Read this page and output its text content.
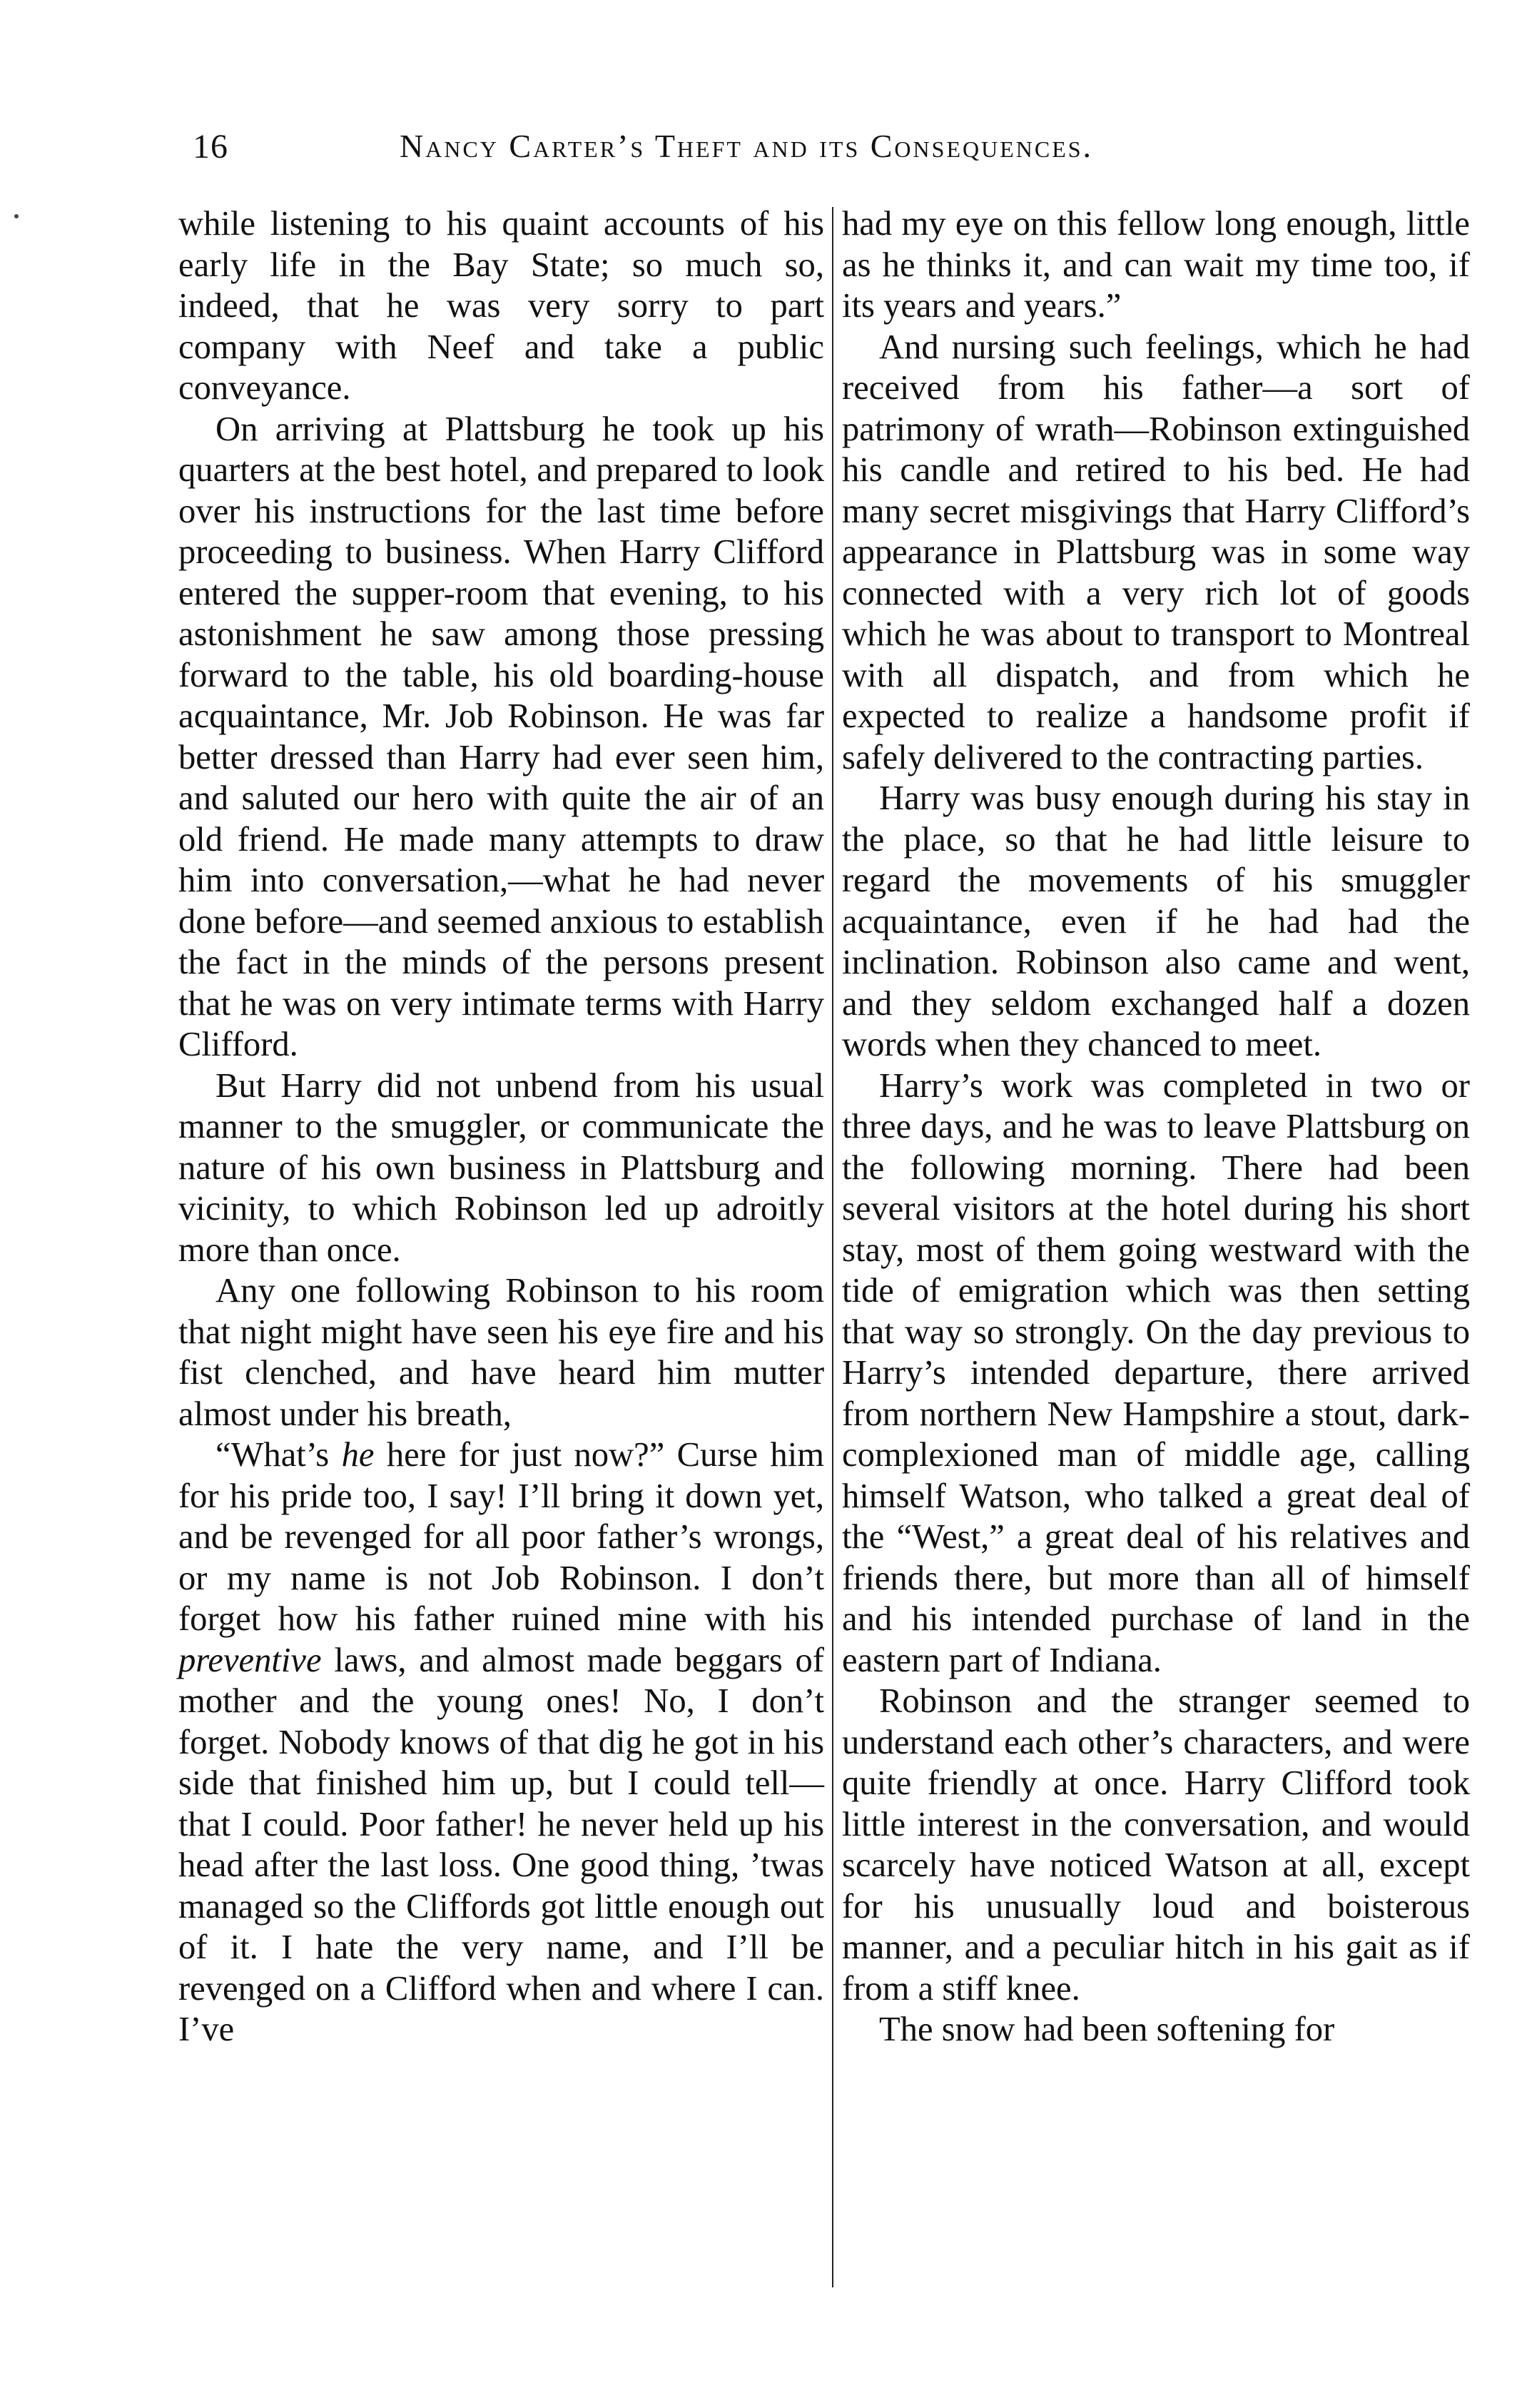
16	Nancy Carter’s Theft and its Consequences.

while listening to his quaint accounts of his early life in the Bay State; so much so, indeed, that he was very sorry to part company with Neef and take a public conveyance.

On arriving at Plattsburg he took up his quarters at the best hotel, and prepared to look over his instructions for the last time before proceeding to business. When Harry Clifford entered the supper-room that evening, to his astonishment he saw among those pressing forward to the table, his old boarding-house acquaintance, Mr. Job Robinson. He was far better dressed than Harry had ever seen him, and saluted our hero with quite the air of an old friend. He made many attempts to draw him into conversation,—what he had never done before—and seemed anxious to establish the fact in the minds of the persons present that he was on very intimate terms with Harry Clifford.

But Harry did not unbend from his usual manner to the smuggler, or communicate the nature of his own business in Plattsburg and vicinity, to which Robinson led up adroitly more than once.

Any one following Robinson to his room that night might have seen his eye fire and his fist clenched, and have heard him mutter almost under his breath,

“What’s he here for just now?” Curse him for his pride too, I say! I’ll bring it down yet, and be revenged for all poor father’s wrongs, or my name is not Job Robinson. I don’t forget how his father ruined mine with his preventive laws, and almost made beggars of mother and the young ones! No, I don’t forget. Nobody knows of that dig he got in his side that finished him up, but I could tell—that I could. Poor father! he never held up his head after the last loss. One good thing, ’twas managed so the Cliffords got little enough out of it. I hate the very name, and I’ll be revenged on a Clifford when and where I can. I’ve

had my eye on this fellow long enough, little as he thinks it, and can wait my time too, if its years and years.”

And nursing such feelings, which he had received from his father—a sort of patrimony of wrath—Robinson extinguished his candle and retired to his bed. He had many secret misgivings that Harry Clifford’s appearance in Plattsburg was in some way connected with a very rich lot of goods which he was about to transport to Montreal with all dispatch, and from which he expected to realize a handsome profit if safely delivered to the contracting parties.

Harry was busy enough during his stay in the place, so that he had little leisure to regard the movements of his smuggler acquaintance, even if he had had the inclination. Robinson also came and went, and they seldom exchanged half a dozen words when they chanced to meet.

Harry’s work was completed in two or three days, and he was to leave Plattsburg on the following morning. There had been several visitors at the hotel during his short stay, most of them going westward with the tide of emigration which was then setting that way so strongly. On the day previous to Harry’s intended departure, there arrived from northern New Hampshire a stout, dark-complexioned man of middle age, calling himself Watson, who talked a great deal of the “West,” a great deal of his relatives and friends there, but more than all of himself and his intended purchase of land in the eastern part of Indiana.

Robinson and the stranger seemed to understand each other’s characters, and were quite friendly at once. Harry Clifford took little interest in the conversation, and would scarcely have noticed Watson at all, except for his unusually loud and boisterous manner, and a peculiar hitch in his gait as if from a stiff knee.

The snow had been softening for
